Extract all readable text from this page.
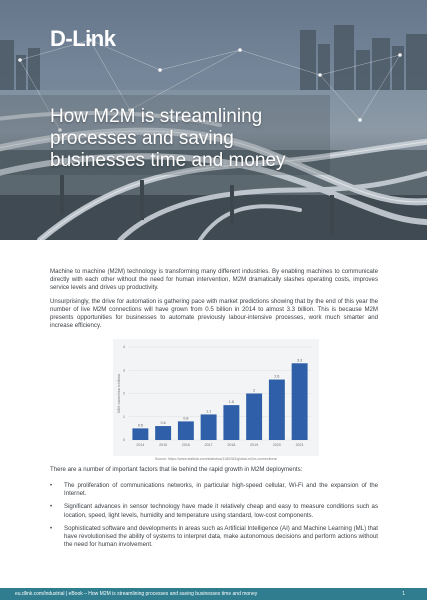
D-Link
How M2M is streamlining processes and saving businesses time and money

Machine to machine (M2M) technology is transforming many different industries. By enabling machines to communicate directly with each other without the need for human intervention, M2M dramatically slashes operating costs, improves service levels and drives up productivity.

Unsurprisingly, the drive for automation is gathering pace with market predictions showing that by the end of this year the number of live M2M connections will have grown from 0.5 billion in 2014 to almost 3.3 billion. This is because M2M presents opportunities for businesses to automate previously labour-intensive processes, work much smarter and increase efficiency.

0
1
2
3
4
M2M connections in billions
0.5
2014
0.6
2015
0.8
2016
1.1
2017
1.5
2018
2
2019
2.6
2020
3.3
2021
Source: https://www.statista.com/statistics/1180283/global-m2m-connections/

There are a number of important factors that lie behind the rapid growth in M2M deployments:

• The proliferation of communications networks, in particular high-speed cellular, Wi-Fi and the expansion of the Internet.
• Significant advances in sensor technology have made it relatively cheap and easy to measure conditions such as location, speed, light levels, humidity and temperature using standard, low-cost components.
• Sophisticated software and developments in areas such as Artificial Intelligence (AI) and Machine Learning (ML) that have revolutionised the ability of systems to interpret data, make autonomous decisions and perform actions without the need for human involvement.
eu.dlink.com/industrial | eBook – How M2M is streamlining processes and saving businesses time and money	1
